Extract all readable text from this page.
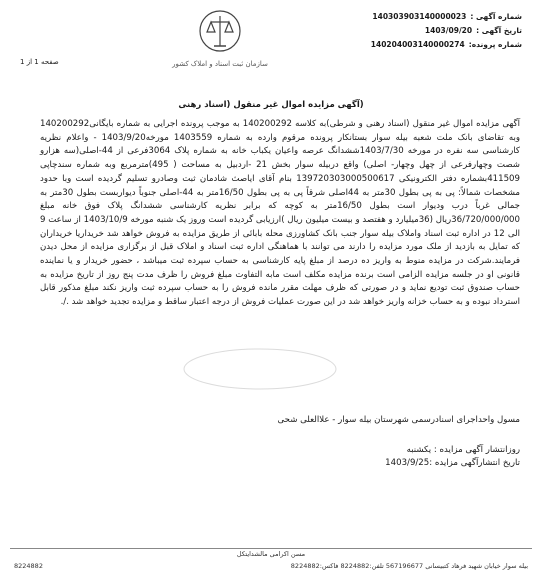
سازمان ثبت اسناد و املاک کشور
شماره آگهی :
140303903140000023
تاریخ آگهی :
1403/09/20
شماره پرونده:
140204003140000274
صفحه 1 از 1
(آگهی مزایده اموال غیر منقول (اسناد رهنی

آگهی مزایده اموال غیر منقول (اسناد رهنی و شرطی)به کلاسه 140200292 به موجب پرونده اجرایی به شماره بایگانی140200292 وبه تقاضای بانک ملت شعبه بیله سوار بستانکار پرونده مرقوم وارده به شماره 1403559 مورخه1403/9/20 - واعلام نظریه کارشناسی سه نفره در مورخه 1403/7/30ششدانگ عرصه واعیان یکباب خانه به شماره پلاک 3064فرعی از 44-اصلی(سه هزارو شصت وچهارفرعی از چهل وچهار- اصلی) واقع دربیله سوار بخش 21 -اردبیل به مساحت ( 495)مترمربع وبه شماره سندچاپی 411509بشماره دفتر الکترونیکی 139720303000500617 بنام آقای ایاصث شادمان ثبت وصادرو تسلیم گردیده است وبا حدود مشخصات شمالاً: پی به پی بطول 30متر به 44اصلی شرقاً پی به پی بطول 16/50متر به 44-اصلی جنوباً دیواربست بطول 30متر به جمالی غرباً درب ودیوار است بطول 16/50متر به کوچه که برابر نظریه کارشناسی ششدانگ پلاک فوق خانه مبلغ 36/720/000/000ریال (36میلیارد و هفتصد و بیست میلیون ریال )ارزیابی گردیده است وروز یک شنبه مورخه 1403/10/9 از ساعت 9 الی 12 در اداره ثبت اسناد واملاک بیله سوار جنب بانک کشاورزی محله بابائی از طریق مزایده به فروش خواهد شد خریداریا خریداران که تمایل به بازدید از ملک مورد مزایده را دارند می توانند با هماهنگی اداره ثبت اسناد و املاک قبل از برگزاری مزایده از محل دیدن فرمایند.شرکت در مزایده منوط به واریز ده درصد از مبلغ پایه کارشناسی به حساب سپرده ثبت میباشد ، حضور خریدار و یا نماینده قانونی او در جلسه مزایده الزامی است برنده مزایده مکلف است مابه التفاوت مبلغ فروش را ظرف مدت پنج روز از تاریخ مزایده به حساب صندوق ثبت تودیع نماید و در صورتی که ظرف مهلت مقرر مانده فروش را به حساب سپرده ثبت واریز نکند مبلغ مذکور قابل استرداد نبوده و به حساب خزانه واریز خواهد شد در این صورت عملیات فروش از درجه اعتبار ساقط و مزایده تجدید خواهد شد ./.

مسول واحداجرای اسنادرسمی شهرستان بیله سوار - علاالعلی شحی
روزانتشار آگهی مزایده : یکشنبه
تاریخ انتشارآگهی مزایده :1403/9/25
مسن اکرامی مالشدایتکل
بیله سوار خیابان شهید فرهاد کتبیسانی 567196677 تلفن:8224882 فاکس:8224882
8224882
